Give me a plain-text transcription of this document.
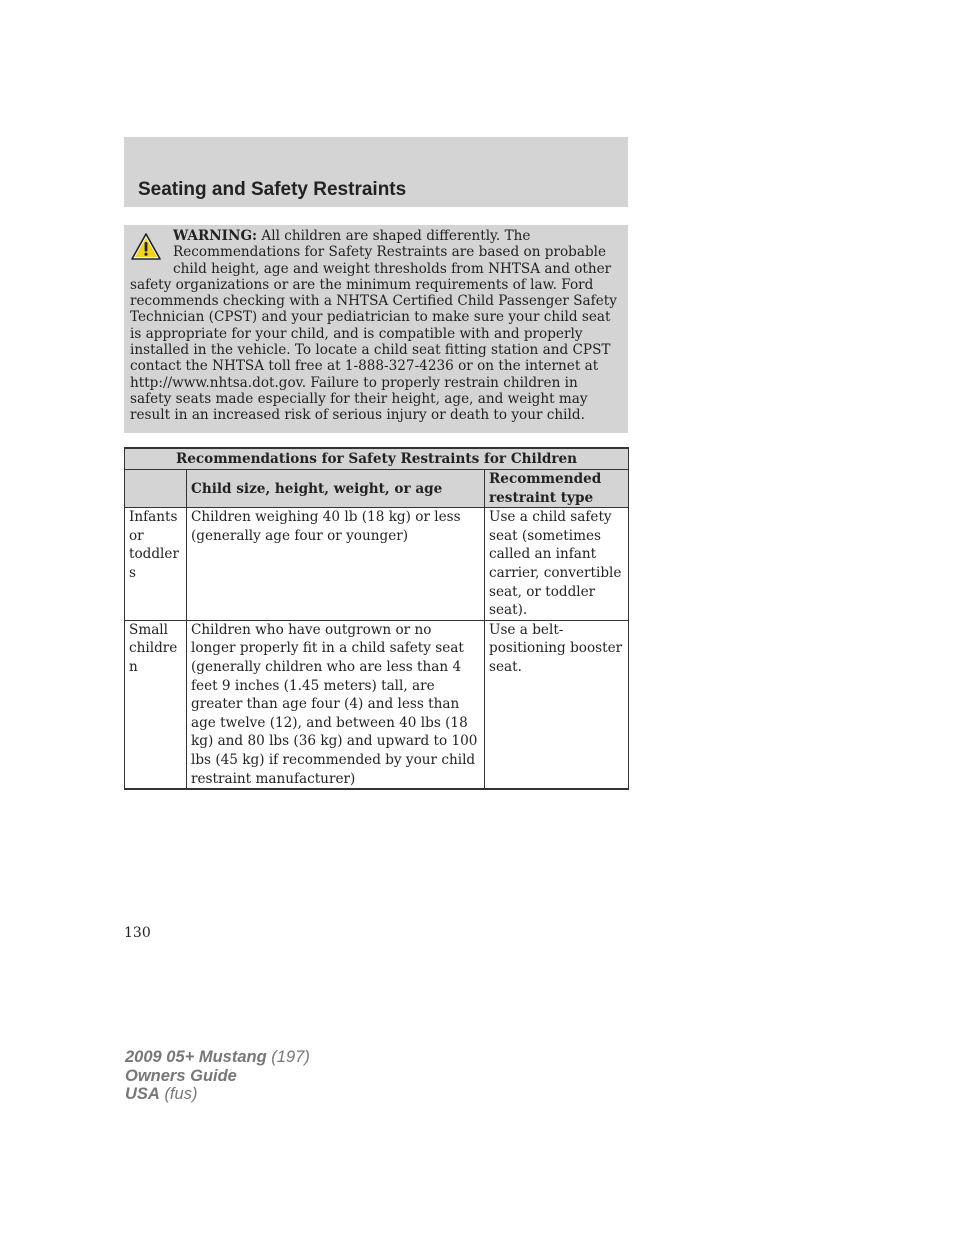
Seating and Safety Restraints
WARNING: All children are shaped differently. The Recommendations for Safety Restraints are based on probable child height, age and weight thresholds from NHTSA and other safety organizations or are the minimum requirements of law. Ford recommends checking with a NHTSA Certified Child Passenger Safety Technician (CPST) and your pediatrician to make sure your child seat is appropriate for your child, and is compatible with and properly installed in the vehicle. To locate a child seat fitting station and CPST contact the NHTSA toll free at 1-888-327-4236 or on the internet at http://www.nhtsa.dot.gov. Failure to properly restrain children in safety seats made especially for their height, age, and weight may result in an increased risk of serious injury or death to your child.
Recommendations for Safety Restraints for Children		
	Child size, height, weight, or age	Recommended restraint type
Infants or toddlers	Children weighing 40 lb (18 kg) or less (generally age four or younger)	Use a child safety seat (sometimes called an infant carrier, convertible seat, or toddler seat).
Small children	Children who have outgrown or no longer properly fit in a child safety seat (generally children who are less than 4 feet 9 inches (1.45 meters) tall, are greater than age four (4) and less than age twelve (12), and between 40 lbs (18 kg) and 80 lbs (36 kg) and upward to 100 lbs (45 kg) if recommended by your child restraint manufacturer)	Use a belt-positioning booster seat.
130
2009 05+ Mustang (197)
Owners Guide
USA (fus)
